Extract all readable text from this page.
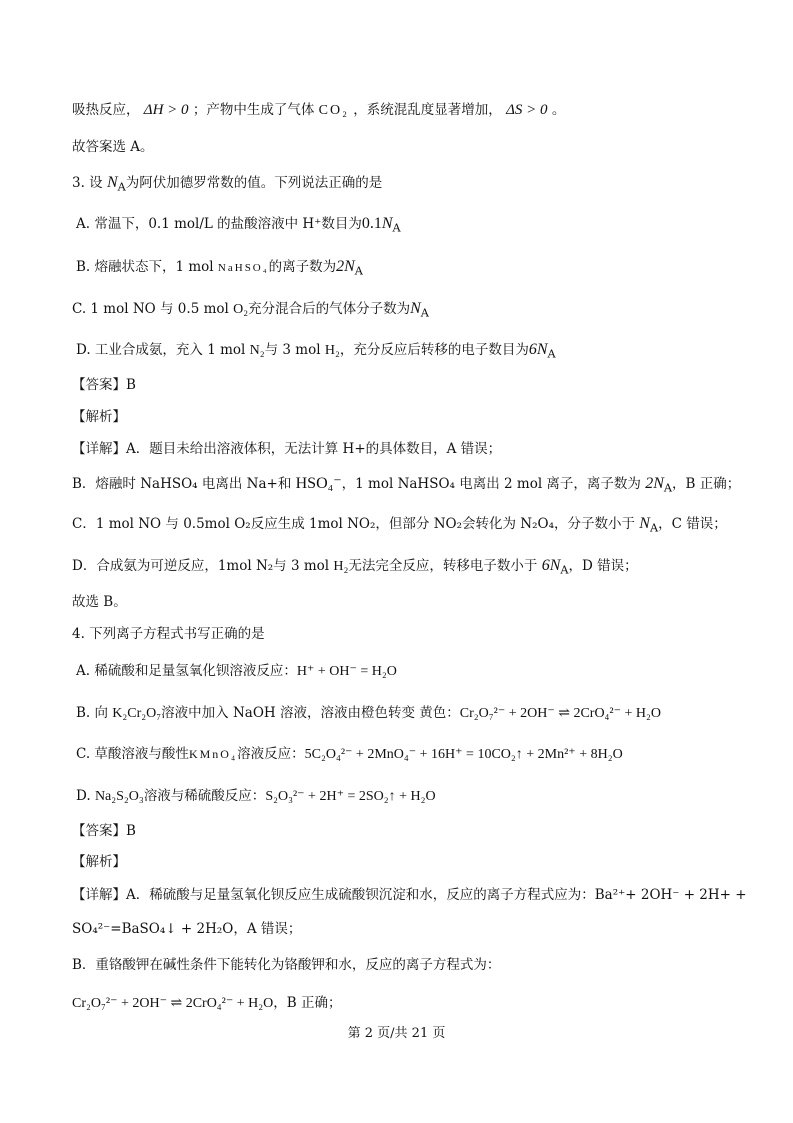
吸热反应， ΔH > 0 ；产物中生成了气体 CO₂ ，系统混乱度显著增加， ΔS > 0 。
故答案选 A。
3. 设 $N_A$为阿伏加德罗常数的值。下列说法正确的是
A. 常温下，0.1 mol/L 的盐酸溶液中 H⁺数目为$0.1N_A$
B. 熔融状态下，1 mol NaHSO₄的离子数为$2N_A$
C. 1 mol NO 与 0.5 mol O₂充分混合后的气体分子数为$N_A$
D. 工业合成氨，充入 1 mol N₂与 3 mol H₂，充分反应后转移的电子数目为$6N_A$
【答案】B
【解析】
【详解】A．题目未给出溶液体积，无法计算 H+的具体数目，A 错误；
B．熔融时 NaHSO₄ 电离出 Na+和 HSO₄⁻，1 mol NaHSO₄ 电离出 2 mol 离子，离子数为 $2N_A$，B 正确；
C．1 mol NO 与 0.5mol O₂反应生成 1mol NO₂，但部分 NO₂会转化为 N₂O₄，分子数小于 $N_A$，C 错误；
D．合成氨为可逆反应，1mol N₂与 3 mol H₂无法完全反应，转移电子数小于 $6N_A$，D 错误；
故选 B。
4. 下列离子方程式书写正确的是
A. 稀硫酸和足量氢氧化钡溶液反应：H⁺ + OH⁻ = H₂O
B. 向 K₂Cr₂O₇溶液中加入 NaOH 溶液，溶液由橙色转变 黄色：Cr₂O₇²⁻ + 2OH⁻ ⇌ 2CrO₄²⁻ + H₂O
C. 草酸溶液与酸性KMnO₄溶液反应：5C₂O₄²⁻ + 2MnO₄⁻ + 16H⁺ = 10CO₂↑ + 2Mn²⁺ + 8H₂O
D. Na₂S₂O₃溶液与稀硫酸反应：S₂O₃²⁻ + 2H⁺ = 2SO₂↑ + H₂O
【答案】B
【解析】
【详解】A．稀硫酸与足量氢氧化钡反应生成硫酸钡沉淀和水，反应的离子方程式应为：Ba²⁺+ 2OH⁻ + 2H+ +
SO₄²⁻=BaSO₄↓ + 2H₂O，A 错误；
B．重铬酸钾在碱性条件下能转化为铬酸钾和水，反应的离子方程式为：
Cr₂O₇²⁻ + 2OH⁻ ⇌ 2CrO₄²⁻ + H₂O，B 正确；
第 2 页/共 21 页
